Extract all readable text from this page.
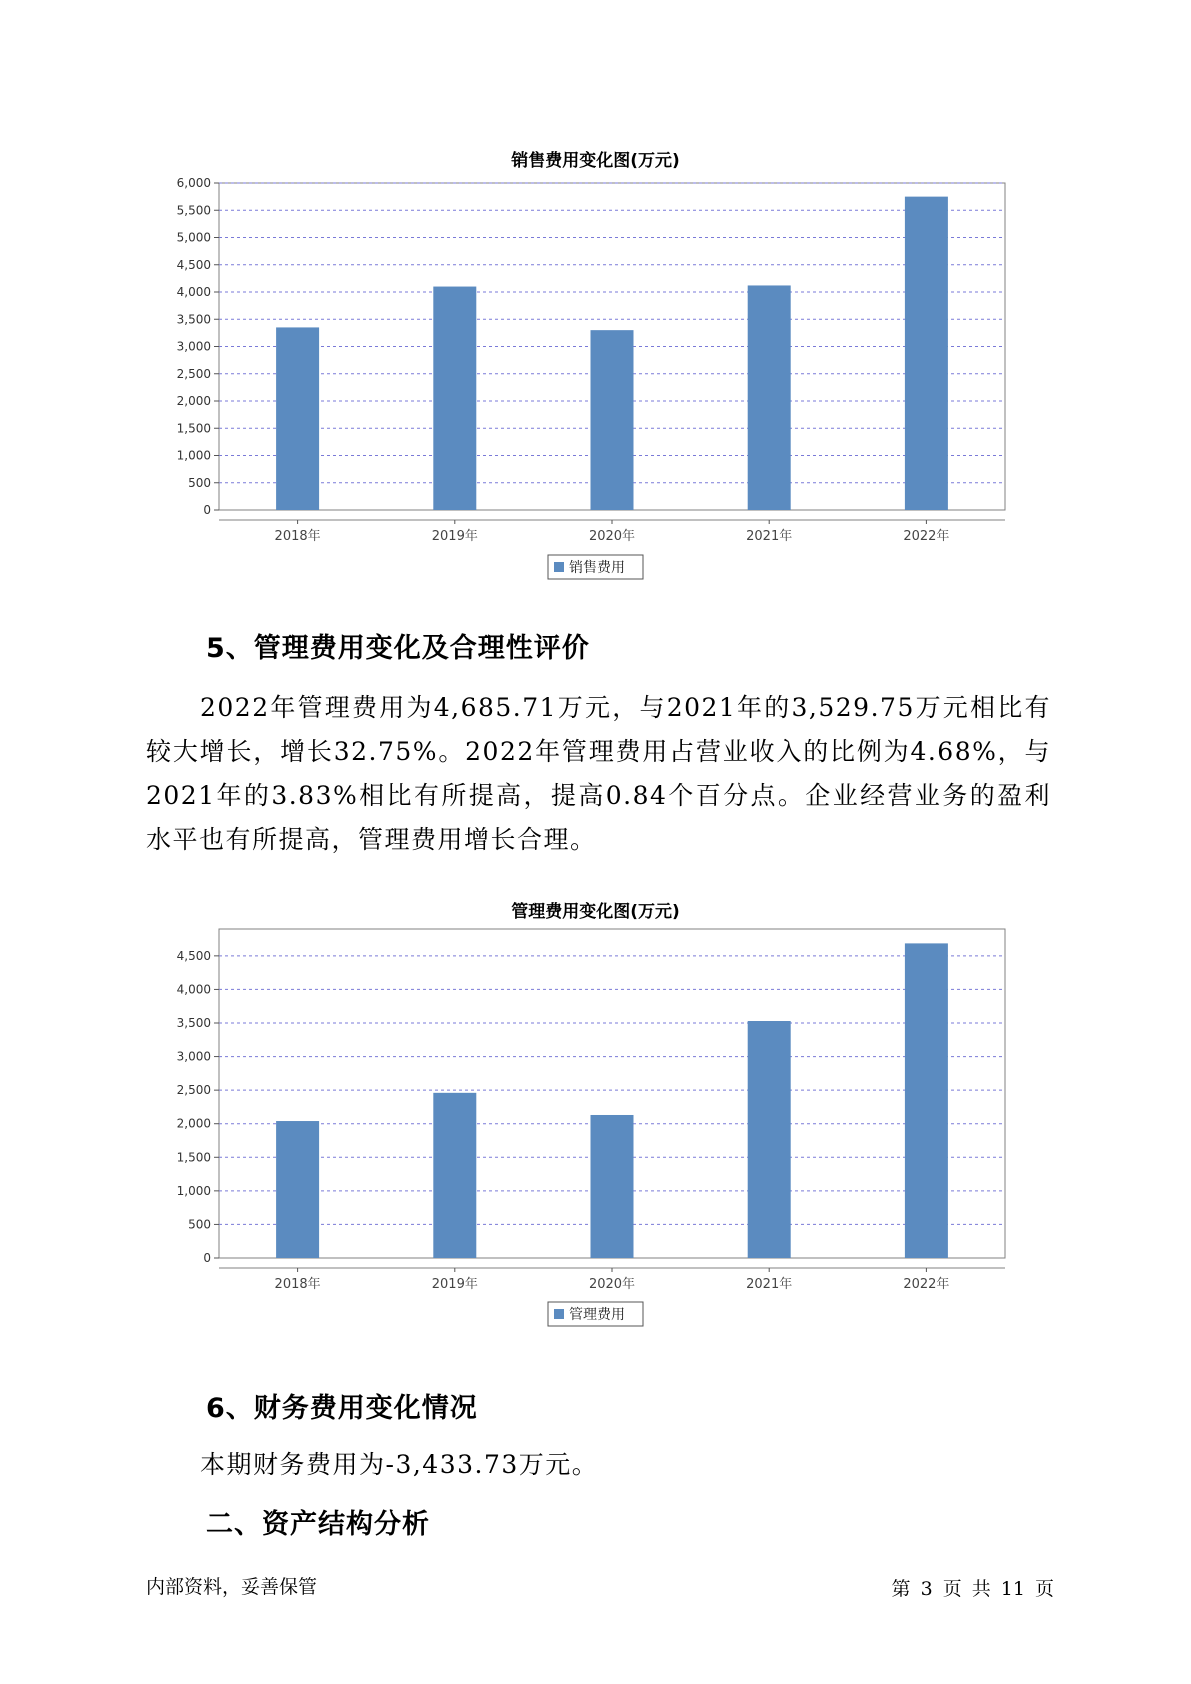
销售费用变化图(万元)
0
500
1,000
1,500
2,000
2,500
3,000
3,500
4,000
4,500
5,000
5,500
6,000
2018年	2019年	2020年	2021年	2022年
销售费用
5、管理费用变化及合理性评价
2022年管理费用为4,685.71万元，与2021年的3,529.75万元相比有较大增长，增长32.75%。2022年管理费用占营业收入的比例为4.68%，与2021年的3.83%相比有所提高，提高0.84个百分点。企业经营业务的盈利水平也有所提高，管理费用增长合理。
管理费用变化图(万元)
0
500
1,000
1,500
2,000
2,500
3,000
3,500
4,000
4,500
2018年	2019年	2020年	2021年	2022年
管理费用
6、财务费用变化情况
本期财务费用为-3,433.73万元。
二、资产结构分析
内部资料，妥善保管	第 3 页 共 11 页
